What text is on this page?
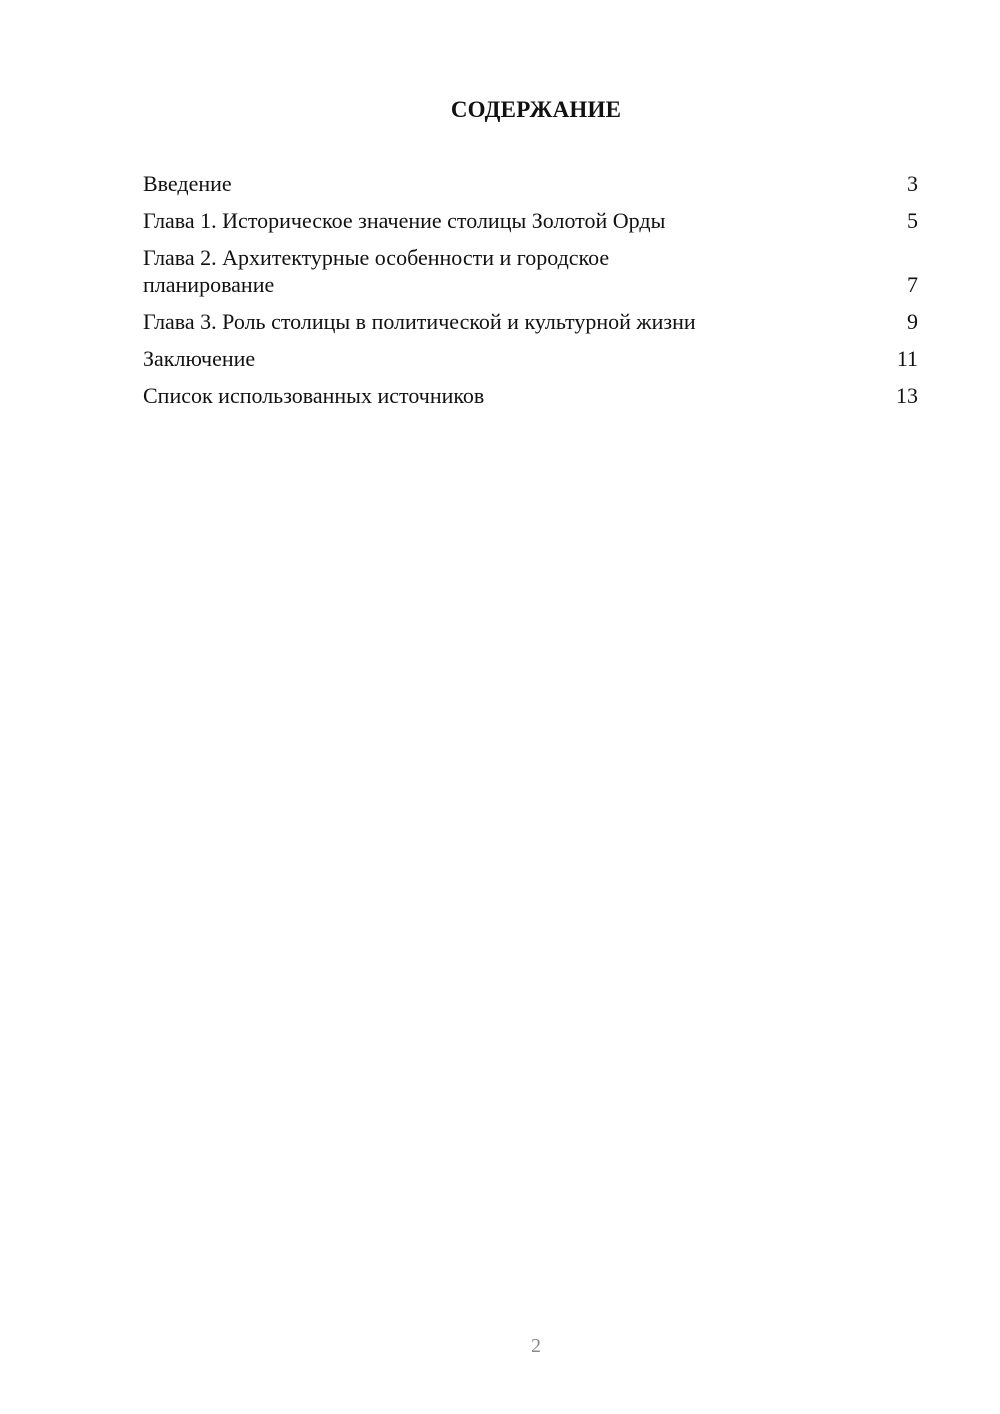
СОДЕРЖАНИЕ
Введение	3
Глава 1. Историческое значение столицы Золотой Орды	5
Глава 2. Архитектурные особенности и городское планирование	7
Глава 3. Роль столицы в политической и культурной жизни	9
Заключение	11
Список использованных источников	13
2
